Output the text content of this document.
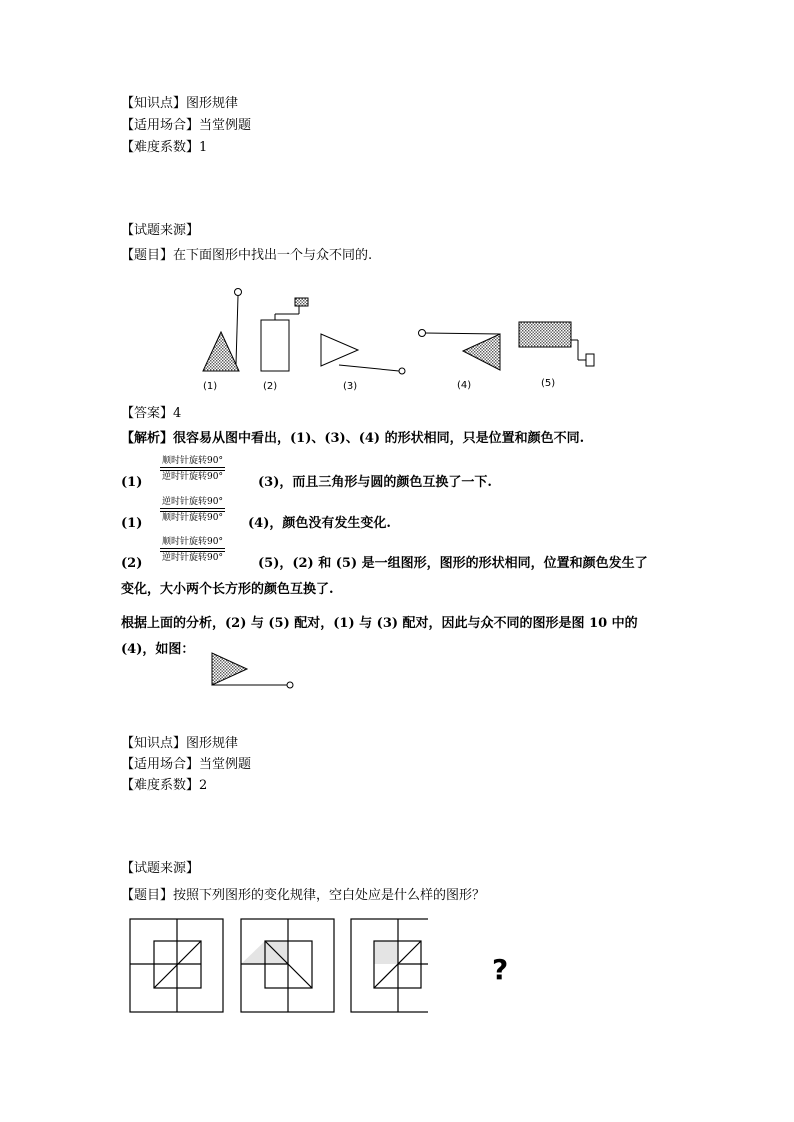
【知识点】图形规律
【适用场合】当堂例题
【难度系数】1
【试题来源】
【题目】在下面图形中找出一个与众不同的.
(1)	(2)	(3)	(4)	(5)
【答案】4
【解析】很容易从图中看出，(1)、(3)、(4) 的形状相同，只是位置和颜色不同.
(1)
顺时针旋转90°
逆时针旋转90°	(3)，而且三角形与圆的颜色互换了一下.
(1)
逆时针旋转90°
顺时针旋转90° (4)，颜色没有发生变化.
(2)
顺时针旋转90°
逆时针旋转90°	(5)，(2) 和 (5) 是一组图形，图形的形状相同，位置和颜色发生了
变化，大小两个长方形的颜色互换了.
根据上面的分析，(2) 与 (5) 配对，(1) 与 (3) 配对，因此与众不同的图形是图 10 中的
(4)，如图：
【知识点】图形规律
【适用场合】当堂例题
【难度系数】2
【试题来源】
【题目】按照下列图形的变化规律，空白处应是什么样的图形？
?
